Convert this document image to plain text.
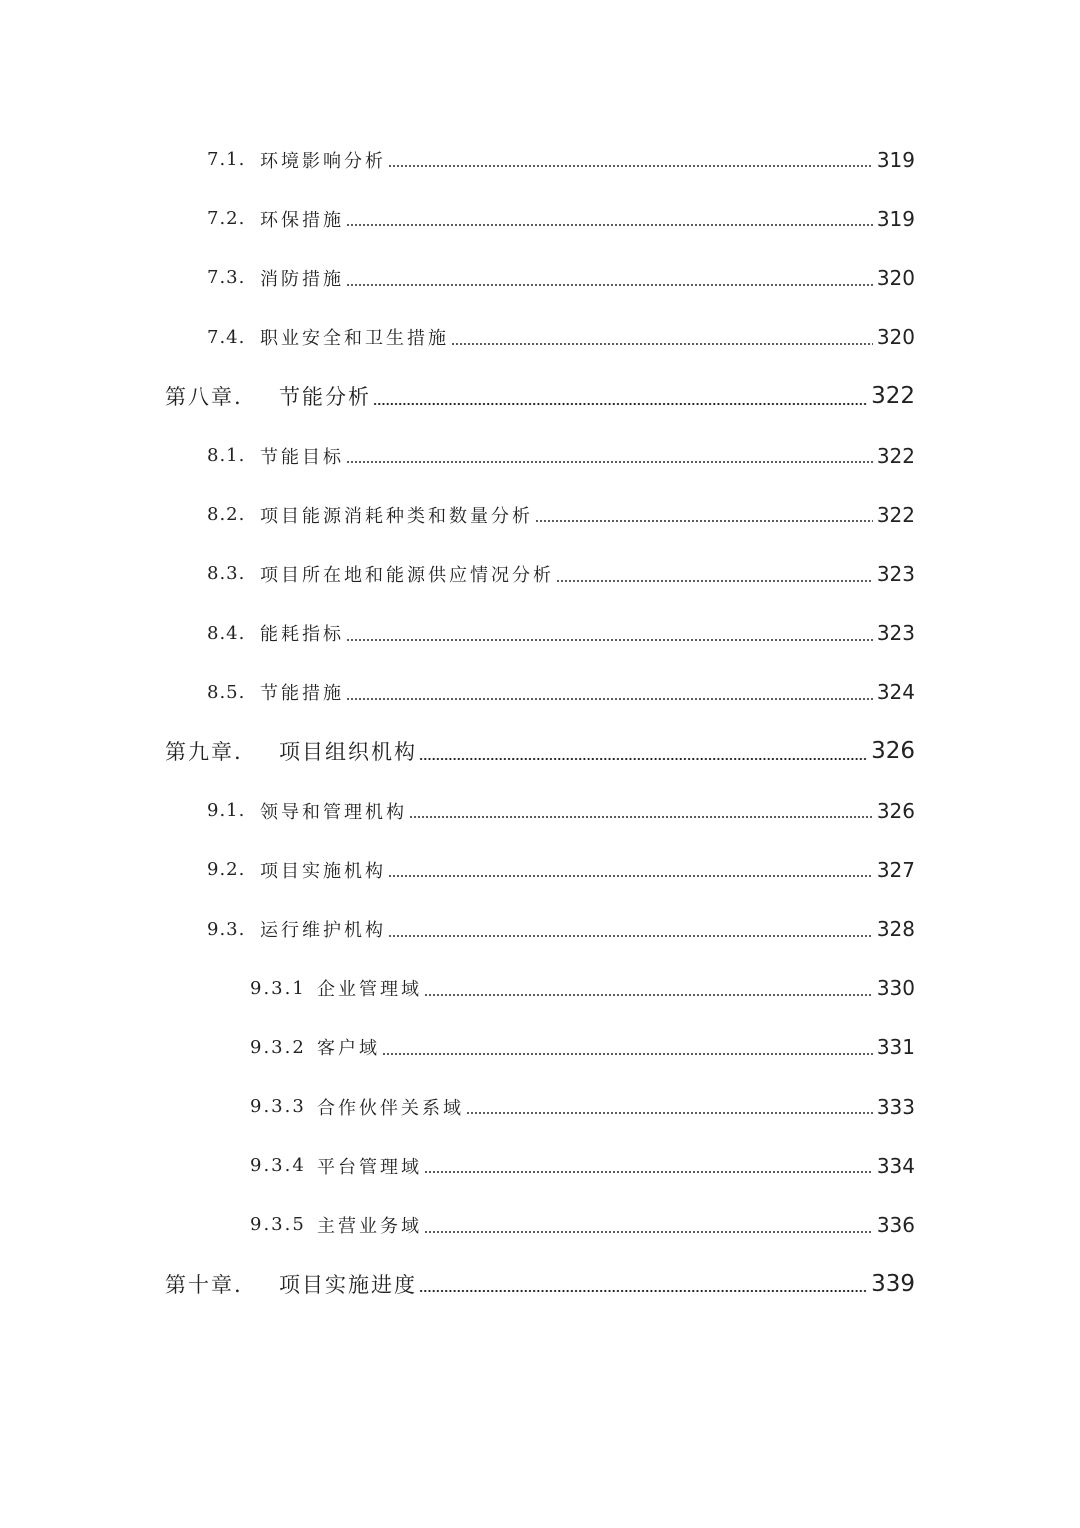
7.1. 环境影响分析	319
7.2. 环保措施	319
7.3. 消防措施	320
7.4. 职业安全和卫生措施	320
第八章. 节能分析	322
8.1. 节能目标	322
8.2. 项目能源消耗种类和数量分析	322
8.3. 项目所在地和能源供应情况分析	323
8.4. 能耗指标	323
8.5. 节能措施	324
第九章. 项目组织机构	326
9.1. 领导和管理机构	326
9.2. 项目实施机构	327
9.3. 运行维护机构	328
9.3.1 企业管理域	330
9.3.2 客户域	331
9.3.3 合作伙伴关系域	333
9.3.4 平台管理域	334
9.3.5 主营业务域	336
第十章. 项目实施进度	339
